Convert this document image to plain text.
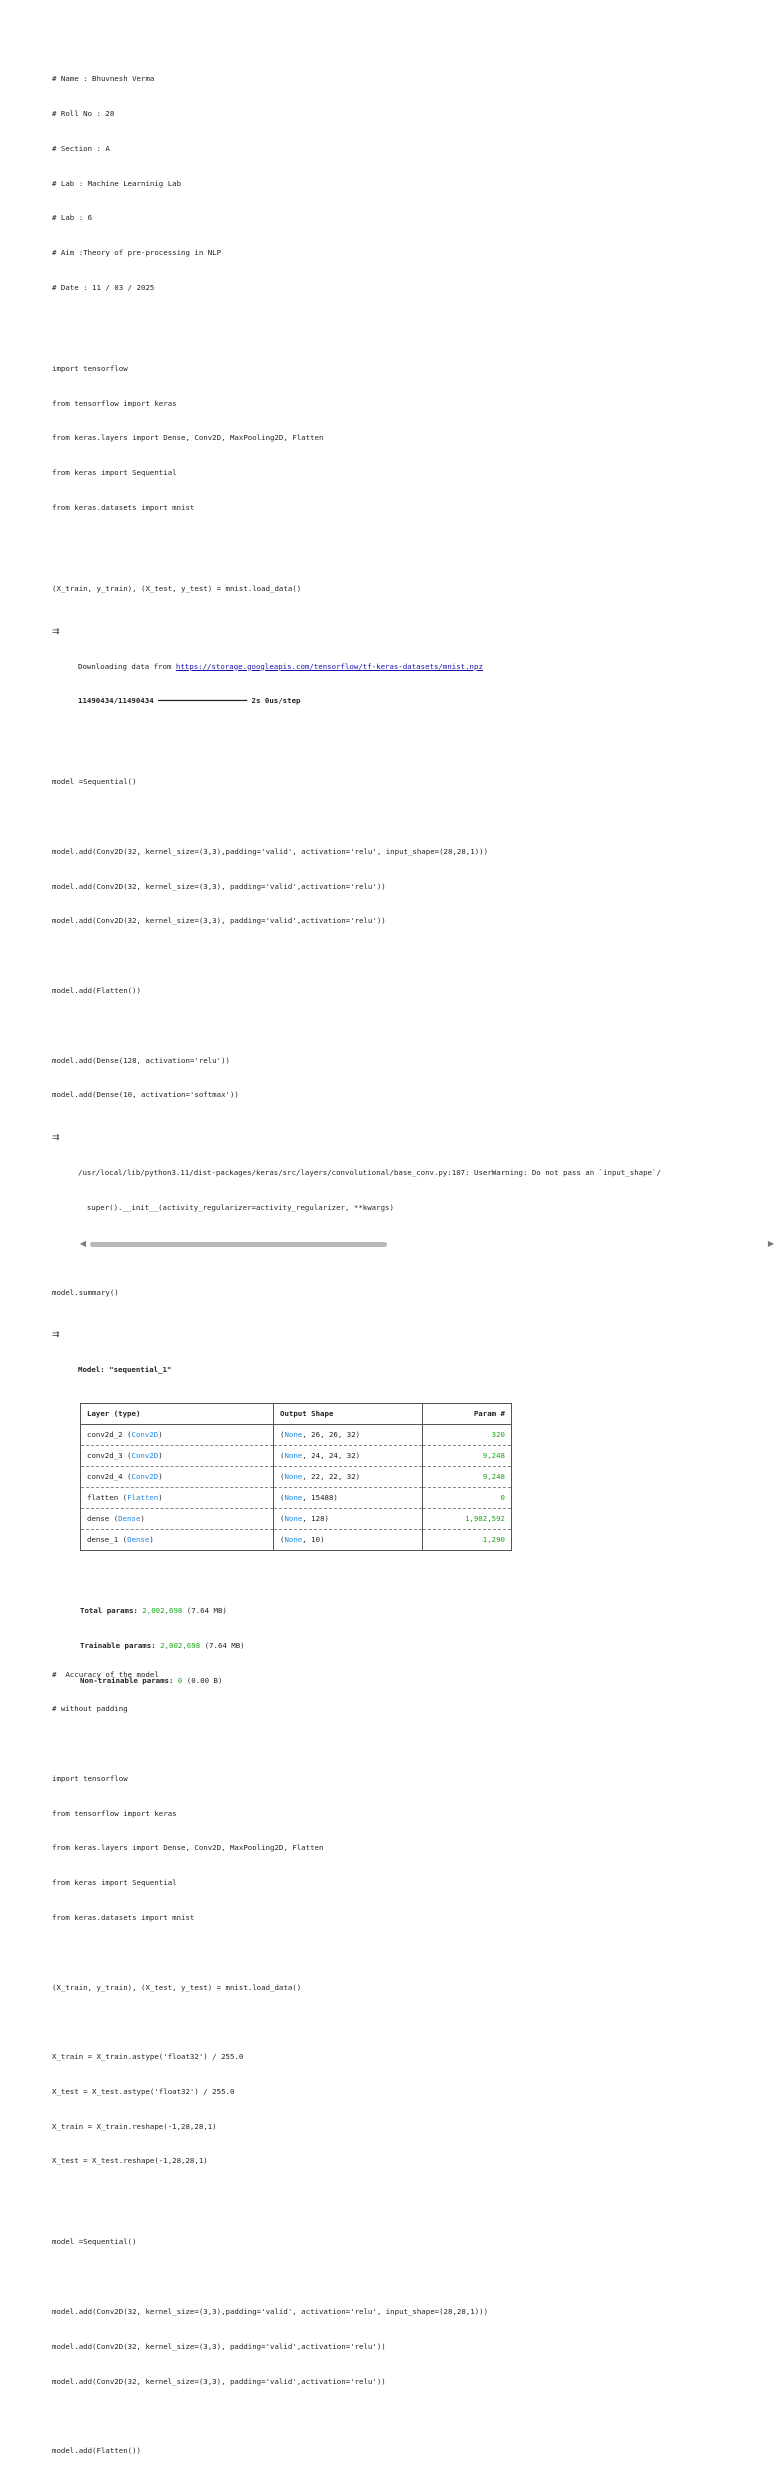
# Name : Bhuvnesh Verma

# Roll No : 28

# Section : A

# Lab : Machine Learninig Lab

# Lab : 6

# Aim :Theory of pre-processing in NLP

# Date : 11 / 03 / 2025

import tensorflow

from tensorflow import keras

from keras.layers import Dense, Conv2D, MaxPooling2D, Flatten

from keras import Sequential

from keras.datasets import mnist

(X_train, y_train), (X_test, y_test) = mnist.load_data()

⇉

Downloading data from https://storage.googleapis.com/tensorflow/tf-keras-datasets/mnist.npz

11490434/11490434 ━━━━━━━━━━━━━━━━━━━━ 2s 0us/step

model =Sequential()

model.add(Conv2D(32, kernel_size=(3,3),padding='valid', activation='relu', input_shape=(28,28,1)))

model.add(Conv2D(32, kernel_size=(3,3), padding='valid',activation='relu'))

model.add(Conv2D(32, kernel_size=(3,3), padding='valid',activation='relu'))

model.add(Flatten())

model.add(Dense(128, activation='relu'))

model.add(Dense(10, activation='softmax'))

⇉

/usr/local/lib/python3.11/dist-packages/keras/src/layers/convolutional/base_conv.py:107: UserWarning: Do not pass an `input_shape`/

super().__init__(activity_regularizer=activity_regularizer, **kwargs)

◀	▶

model.summary()

⇉

Model: "sequential_1"

Layer (type)	Output Shape	Param #
conv2d_2 (Conv2D)	(None, 26, 26, 32)	320
conv2d_3 (Conv2D)	(None, 24, 24, 32)	9,248
conv2d_4 (Conv2D)	(None, 22, 22, 32)	9,248
flatten (Flatten)	(None, 15488)	0
dense (Dense)	(None, 128)	1,982,592
dense_1 (Dense)	(None, 10)	1,290

Total params: 2,002,698 (7.64 MB)

Trainable params: 2,002,698 (7.64 MB)

Non-trainable params: 0 (0.00 B)

#  Accuracy of the model

# without padding

import tensorflow

from tensorflow import keras

from keras.layers import Dense, Conv2D, MaxPooling2D, Flatten

from keras import Sequential

from keras.datasets import mnist

(X_train, y_train), (X_test, y_test) = mnist.load_data()

X_train = X_train.astype('float32') / 255.0

X_test = X_test.astype('float32') / 255.0

X_train = X_train.reshape(-1,28,28,1)

X_test = X_test.reshape(-1,28,28,1)

model =Sequential()

model.add(Conv2D(32, kernel_size=(3,3),padding='valid', activation='relu', input_shape=(28,28,1)))

model.add(Conv2D(32, kernel_size=(3,3), padding='valid',activation='relu'))

model.add(Conv2D(32, kernel_size=(3,3), padding='valid',activation='relu'))

model.add(Flatten())
